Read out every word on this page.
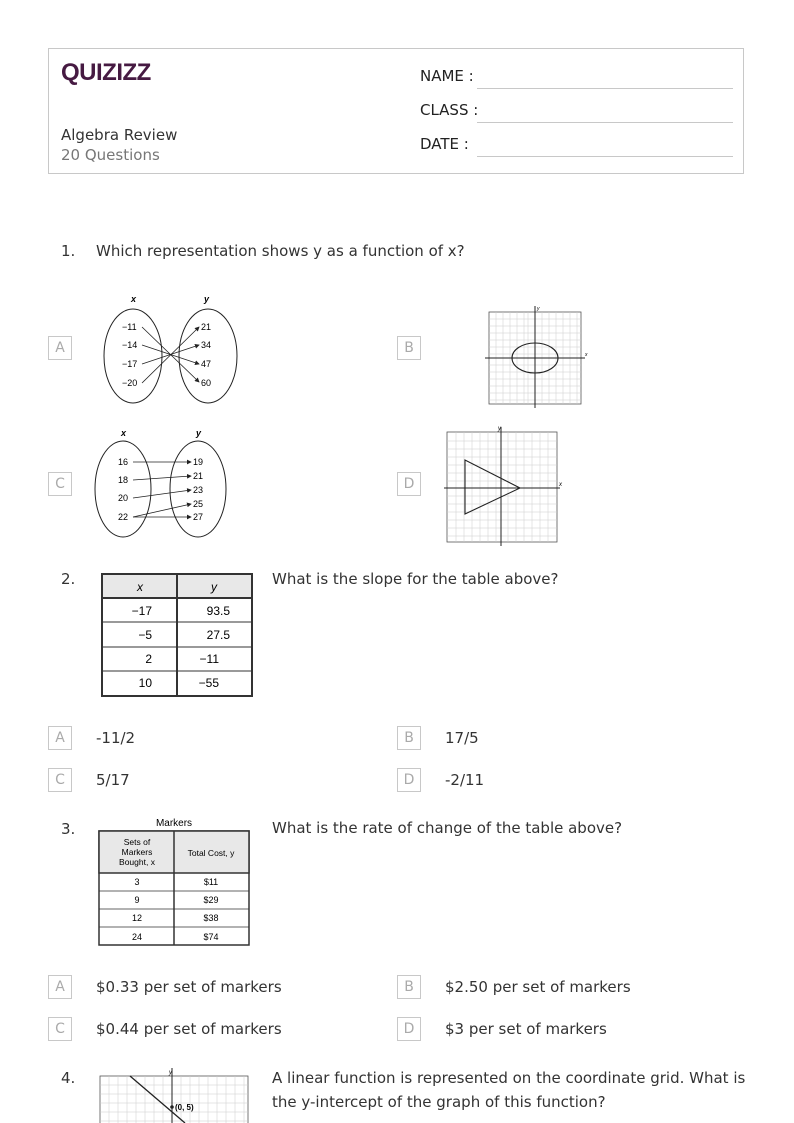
QUIZIZZ
Algebra Review
20 Questions
NAME :
CLASS :
DATE :
1. Which representation shows y as a function of x?
A
x	y
−11
−14
−17
−20
21
34
47
60
B	x
y
C
x	y
16
18
20
22
19
21
23
25
27
D	x
y
2.	x	y
−17	93.5
−5	27.5
2	−11
10	−55
What is the slope for the table above?
A	-11/2	B	17/5
C	5/17	D	-2/11
3.	Markers
Sets of
Markers
Bought, x
Total Cost, y
3	$11
9	$29
12	$38
24	$74
What is the rate of change of the table above?
A	$0.33 per set of markers	B	$2.50 per set of markers
C	$0.44 per set of markers	D	$3 per set of markers
4.	y
(0, 5)
A linear function is represented on the coordinate grid. What is
the y-intercept of the graph of this function?
